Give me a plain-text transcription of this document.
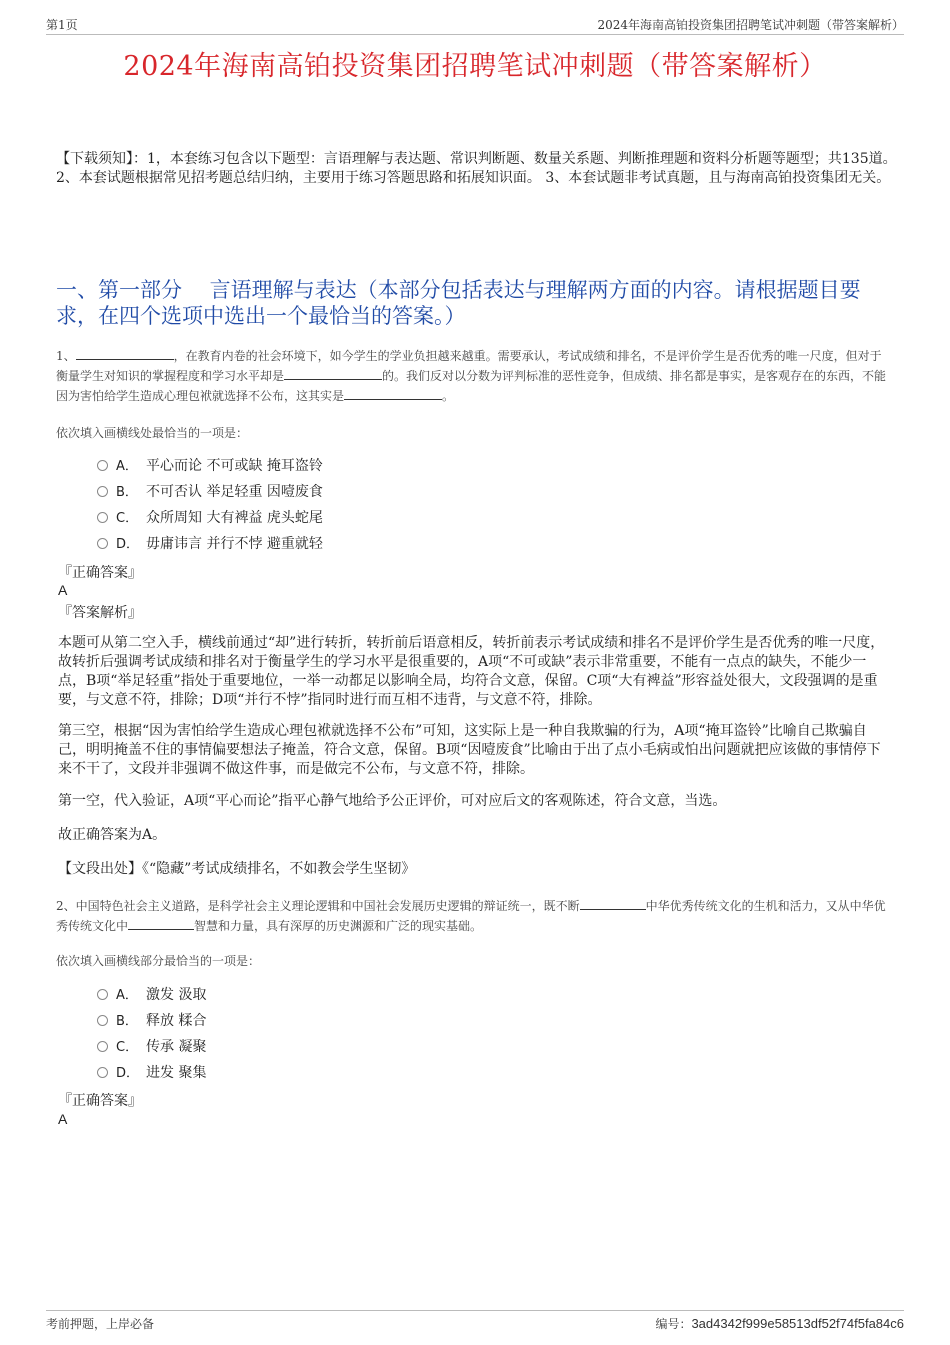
第1页	2024年海南高铂投资集团招聘笔试冲刺题（带答案解析）
2024年海南高铂投资集团招聘笔试冲刺题（带答案解析）
【下载须知】：1，本套练习包含以下题型：言语理解与表达题、常识判断题、数量关系题、判断推理题和资料分析题等题型；共135道。 2、本套试题根据常见招考题总结归纳，主要用于练习答题思路和拓展知识面。 3、本套试题非考试真题，且与海南高铂投资集团无关。
一、第一部分　 言语理解与表达（本部分包括表达与理解两方面的内容。请根据题目要求，在四个选项中选出一个最恰当的答案。）
1、	，在教育内卷的社会环境下，如今学生的学业负担越来越重。需要承认，考试成绩和排名，不是评价学生是否优秀的唯一尺度，但对于衡量学生对知识的掌握程度和学习水平却是	的。我们反对以分数为评判标准的恶性竞争，但成绩、排名都是事实，是客观存在的东西，不能因为害怕给学生造成心理包袱就选择不公布，这其实是	。
依次填入画横线处最恰当的一项是：
A． 平心而论 不可或缺 掩耳盗铃
B． 不可否认 举足轻重 因噎废食
C． 众所周知 大有裨益 虎头蛇尾
D． 毋庸讳言 并行不悖 避重就轻
『正确答案』
A
『答案解析』
本题可从第二空入手，横线前通过“却”进行转折，转折前后语意相反，转折前表示考试成绩和排名不是评价学生是否优秀的唯一尺度，故转折后强调考试成绩和排名对于衡量学生的学习水平是很重要的，A项“不可或缺”表示非常重要，不能有一点点的缺失，不能少一点，B项“举足轻重”指处于重要地位，一举一动都足以影响全局，均符合文意，保留。C项“大有裨益”形容益处很大，文段强调的是重要，与文意不符，排除；D项“并行不悖”指同时进行而互相不违背，与文意不符，排除。
第三空，根据“因为害怕给学生造成心理包袱就选择不公布”可知，这实际上是一种自我欺骗的行为，A项“掩耳盗铃”比喻自己欺骗自己，明明掩盖不住的事情偏要想法子掩盖，符合文意，保留。B项“因噎废食”比喻由于出了点小毛病或怕出问题就把应该做的事情停下来不干了，文段并非强调不做这件事，而是做完不公布，与文意不符，排除。
第一空，代入验证，A项“平心而论”指平心静气地给予公正评价，可对应后文的客观陈述，符合文意，当选。
故正确答案为A。
【文段出处】《“隐藏”考试成绩排名，不如教会学生坚韧》
2、中国特色社会主义道路，是科学社会主义理论逻辑和中国社会发展历史逻辑的辩证统一，既不断	中华优秀传统文化的生机和活力，又从中华优秀传统文化中	智慧和力量，具有深厚的历史渊源和广泛的现实基础。
依次填入画横线部分最恰当的一项是：
A． 激发 汲取
B． 释放 糅合
C． 传承 凝聚
D． 进发 聚集
『正确答案』
A
考前押题，上岸必备	编号：3ad4342f999e58513df52f74f5fa84c6
